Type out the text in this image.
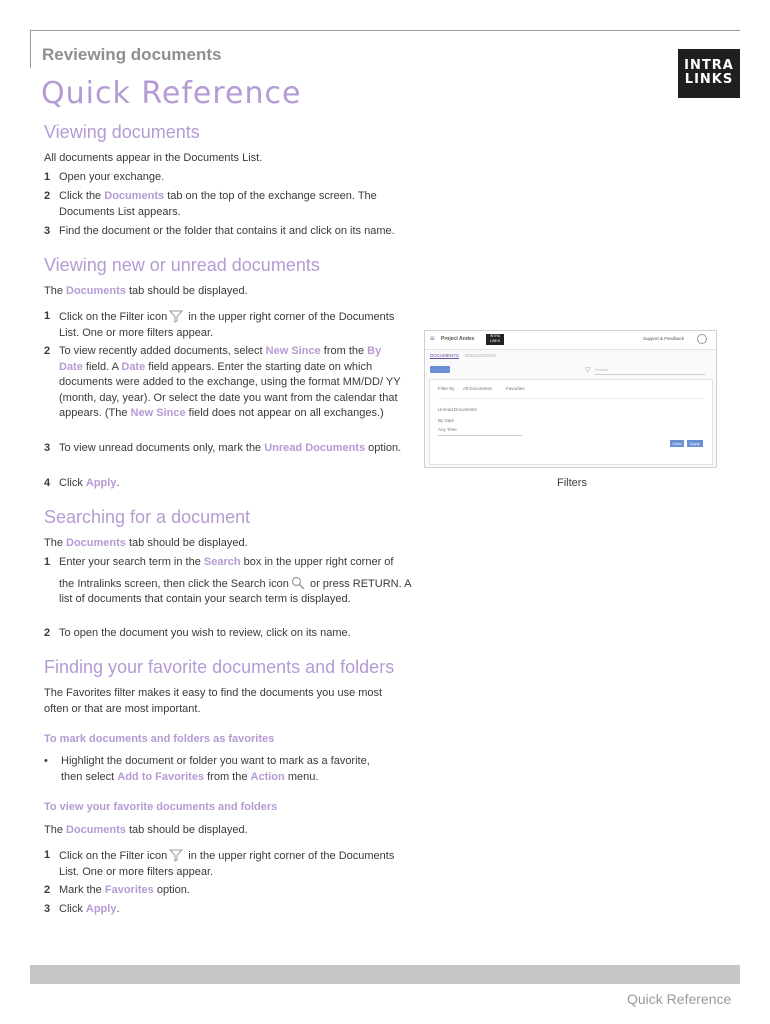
Reviewing documents
Quick Reference
INTRA
LINKS
Viewing documents
All documents appear in the Documents List.
1 Open your exchange.
2 Click the Documents tab on the top of the exchange screen. The Documents List appears.
3 Find the document or the folder that contains it and click on its name.
Viewing new or unread documents
The Documents tab should be displayed.
1 Click on the Filter icon in the upper right corner of the Documents List. One or more filters appear.
2 To view recently added documents, select New Since from the By Date field. A Date field appears. Enter the starting date on which documents were added to the exchange, using the format MM/DD/ YY (month, day, year). Or select the date you want from the calendar that appears. (The New Since field does not appear on all exchanges.)
3 To view unread documents only, mark the Unread Documents option.
4 Click Apply.
≡ Project Andes	INTRA LINKS	Support & Feedback
DOCUMENTS DISCUSSIONS
▽ Search
Filter By All Documents	Favorites
Unread Documents
By Date
Any Time
Clear	Apply
Filters
Searching for a document
The Documents tab should be displayed.
1 Enter your search term in the Search box in the upper right corner of
the Intralinks screen, then click the Search icon or press RETURN. A list of documents that contain your search term is displayed.
2 To open the document you wish to review, click on its name.
Finding your favorite documents and folders
The Favorites filter makes it easy to find the documents you use most often or that are most important.
To mark documents and folders as favorites
• Highlight the document or folder you want to mark as a favorite, then select Add to Favorites from the Action menu.
To view your favorite documents and folders
The Documents tab should be displayed.
1 Click on the Filter icon in the upper right corner of the Documents List. One or more filters appear.
2 Mark the Favorites option.
3 Click Apply.
Quick Reference
